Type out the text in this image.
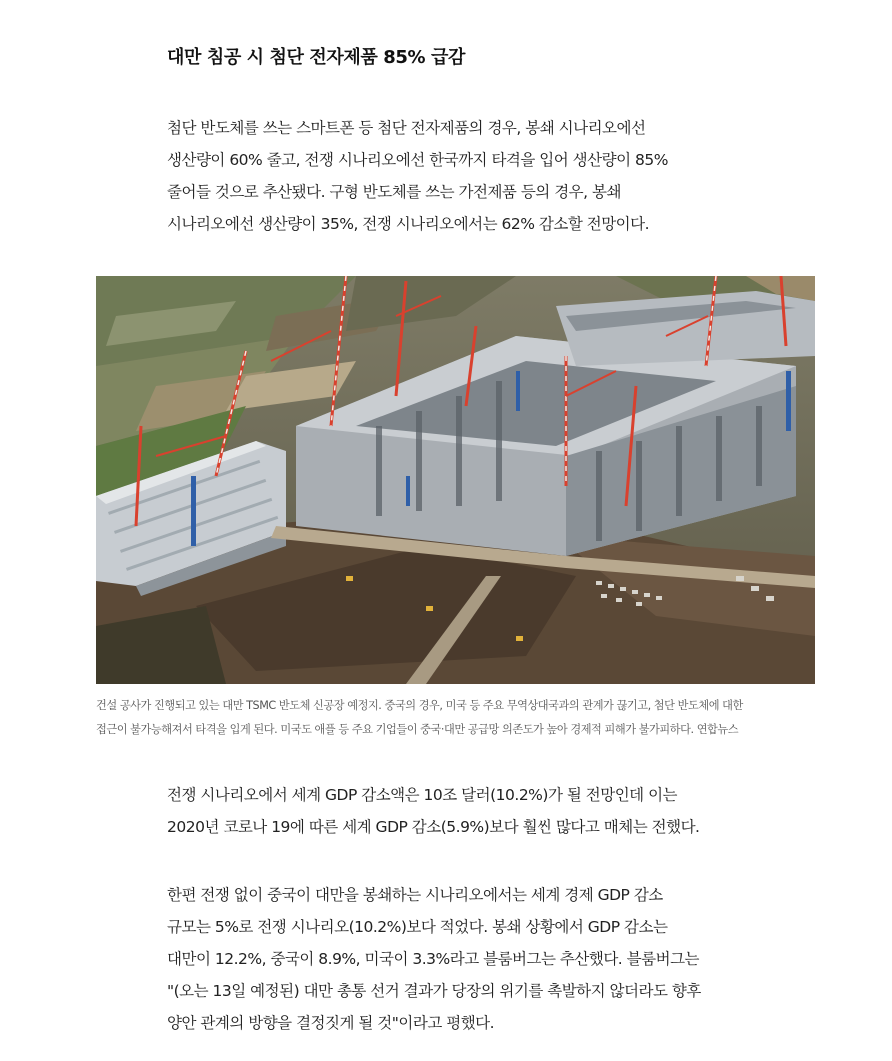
대만 침공 시 첨단 전자제품 85% 급감

첨단 반도체를 쓰는 스마트폰 등 첨단 전자제품의 경우, 봉쇄 시나리오에선
생산량이 60% 줄고, 전쟁 시나리오에선 한국까지 타격을 입어 생산량이 85%
줄어들 것으로 추산됐다. 구형 반도체를 쓰는 가전제품 등의 경우, 봉쇄
시나리오에선 생산량이 35%, 전쟁 시나리오에서는 62% 감소할 전망이다.

건설 공사가 진행되고 있는 대만 TSMC 반도체 신공장 예정지. 중국의 경우, 미국 등 주요 무역상대국과의 관계가 끊기고, 첨단 반도체에 대한
접근이 불가능해져서 타격을 입게 된다. 미국도 애플 등 주요 기업들이 중국·대만 공급망 의존도가 높아 경제적 피해가 불가피하다. 연합뉴스

전쟁 시나리오에서 세계 GDP 감소액은 10조 달러(10.2%)가 될 전망인데 이는
2020년 코로나 19에 따른 세계 GDP 감소(5.9%)보다 훨씬 많다고 매체는 전했다.

한편 전쟁 없이 중국이 대만을 봉쇄하는 시나리오에서는 세계 경제 GDP 감소
규모는 5%로 전쟁 시나리오(10.2%)보다 적었다. 봉쇄 상황에서 GDP 감소는
대만이 12.2%, 중국이 8.9%, 미국이 3.3%라고 블룸버그는 추산했다. 블룸버그는
"(오는 13일 예정된) 대만 총통 선거 결과가 당장의 위기를 촉발하지 않더라도 향후
양안 관계의 방향을 결정짓게 될 것"이라고 평했다.
